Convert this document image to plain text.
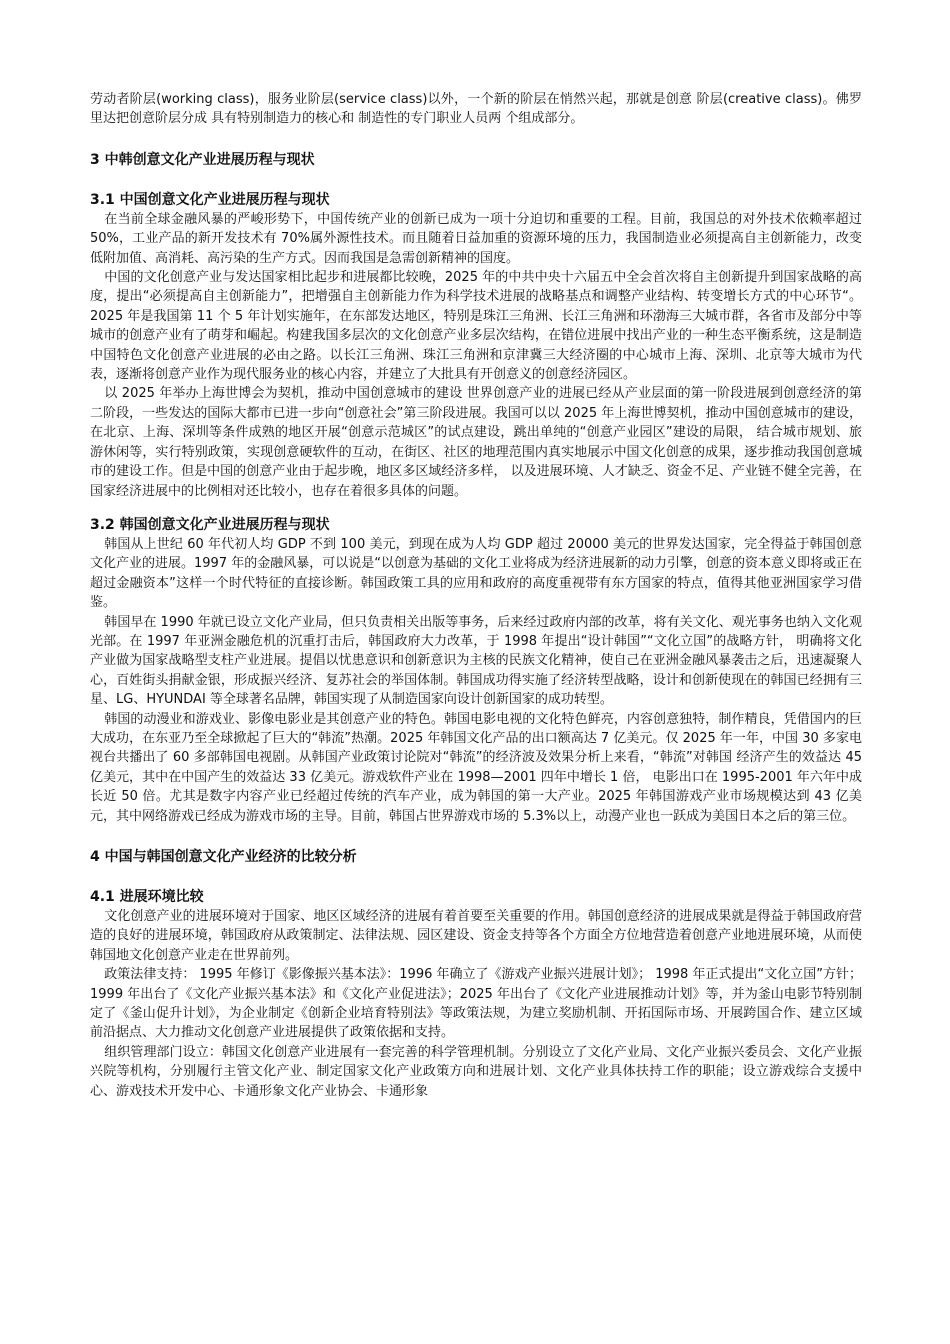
劳动者阶层(working class)，服务业阶层(service class)以外，一个新的阶层在悄然兴起，那就是创意 阶层(creative class)。佛罗里达把创意阶层分成 具有特别制造力的核心和 制造性的专门职业人员两 个组成部分。

3 中韩创意文化产业进展历程与现状
3.1 中国创意文化产业进展历程与现状

在当前全球金融风暴的严峻形势下，中国传统产业的创新已成为一项十分迫切和重要的工程。目前，我国总的对外技术依赖率超过 50%，工业产品的新开发技术有 70%属外源性技术。而且随着日益加重的资源环境的压力，我国制造业必须提高自主创新能力，改变低附加值、高消耗、高污染的生产方式。因而我国是急需创新精神的国度。

中国的文化创意产业与发达国家相比起步和进展都比较晚，2025 年的中共中央十六届五中全会首次将自主创新提升到国家战略的高度，提出“必须提高自主创新能力”，把增强自主创新能力作为科学技术进展的战略基点和调整产业结构、转变增长方式的中心环节“。2025 年是我国第 11 个 5 年计划实施年，在东部发达地区，特别是珠江三角洲、长江三角洲和环渤海三大城市群，各省市及部分中等城市的创意产业有了萌芽和崛起。构建我国多层次的文化创意产业多层次结构，在错位进展中找出产业的一种生态平衡系统，这是制造中国特色文化创意产业进展的必由之路。以长江三角洲、珠江三角洲和京津冀三大经济圈的中心城市上海、深圳、北京等大城市为代表，逐渐将创意产业作为现代服务业的核心内容，并建立了大批具有开创意义的创意经济园区。

以 2025 年举办上海世博会为契机，推动中国创意城市的建设 世界创意产业的进展已经从产业层面的第一阶段进展到创意经济的第二阶段，一些发达的国际大都市已进一步向“创意社会”第三阶段进展。我国可以以 2025 年上海世博契机，推动中国创意城市的建设，在北京、上海、深圳等条件成熟的地区开展“创意示范城区”的试点建设，跳出单纯的“创意产业园区”建设的局限， 结合城市规划、旅游休闲等，实行特别政策，实现创意硬软件的互动，在街区、社区的地理范围内真实地展示中国文化创意的成果，逐步推动我国创意城市的建设工作。但是中国的创意产业由于起步晚，地区多区域经济多样， 以及进展环境、人才缺乏、资金不足、产业链不健全完善，在国家经济进展中的比例相对还比较小，也存在着很多具体的问题。

3.2 韩国创意文化产业进展历程与现状

韩国从上世纪 60 年代初人均 GDP 不到 100 美元，到现在成为人均 GDP 超过 20000 美元的世界发达国家，完全得益于韩国创意文化产业的进展。1997 年的金融风暴，可以说是“以创意为基础的文化工业将成为经济进展新的动力引擎，创意的资本意义即将或正在超过金融资本”这样一个时代特征的直接诊断。韩国政策工具的应用和政府的高度重视带有东方国家的特点，值得其他亚洲国家学习借鉴。

韩国早在 1990 年就已设立文化产业局，但只负责相关出版等事务，后来经过政府内部的改革，将有关文化、观光事务也纳入文化观光部。在 1997 年亚洲金融危机的沉重打击后，韩国政府大力改革，于 1998 年提出“设计韩国”“文化立国”的战略方针， 明确将文化产业做为国家战略型支柱产业进展。提倡以忧患意识和创新意识为主核的民族文化精神，使自己在亚洲金融风暴袭击之后，迅速凝聚人心，百姓街头捐献金银，形成振兴经济、复苏社会的举国体制。韩国成功得实施了经济转型战略，设计和创新使现在的韩国已经拥有三星、LG、HYUNDAI 等全球著名品牌，韩国实现了从制造国家向设计创新国家的成功转型。

韩国的动漫业和游戏业、影像电影业是其创意产业的特色。韩国电影电视的文化特色鲜亮，内容创意独特，制作精良，凭借国内的巨大成功，在东亚乃至全球掀起了巨大的“韩流”热潮。2025 年韩国文化产品的出口额高达 7 亿美元。仅 2025 年一年，中国 30 多家电视台共播出了 60 多部韩国电视剧。从韩国产业政策讨论院对“韩流”的经济波及效果分析上来看，“韩流”对韩国 经济产生的效益达 45 亿美元，其中在中国产生的效益达 33 亿美元。游戏软件产业在 1998—2001 四年中增长 1 倍， 电影出口在 1995-2001 年六年中成长近 50 倍。尤其是数字内容产业已经超过传统的汽车产业，成为韩国的第一大产业。2025 年韩国游戏产业市场规模达到 43 亿美元，其中网络游戏已经成为游戏市场的主导。目前，韩国占世界游戏市场的 5.3%以上，动漫产业也一跃成为美国日本之后的第三位。

4 中国与韩国创意文化产业经济的比较分析
4.1 进展环境比较

文化创意产业的进展环境对于国家、地区区域经济的进展有着首要至关重要的作用。韩国创意经济的进展成果就是得益于韩国政府营造的良好的进展环境，韩国政府从政策制定、法律法规、园区建设、资金支持等各个方面全方位地营造着创意产业地进展环境，从而使韩国地文化创意产业走在世界前列。

政策法律支持： 1995 年修订《影像振兴基本法》：1996 年确立了《游戏产业振兴进展计划》； 1998 年正式提出“文化立国”方针；1999 年出台了《文化产业振兴基本法》和《文化产业促进法》；2025 年出台了《文化产业进展推动计划》等，并为釜山电影节特别制定了《釜山促升计划》，为企业制定《创新企业培育特别法》等政策法规，为建立奖励机制、开拓国际市场、开展跨国合作、建立区域前沿据点、大力推动文化创意产业进展提供了政策依据和支持。

组织管理部门设立：韩国文化创意产业进展有一套完善的科学管理机制。分别设立了文化产业局、文化产业振兴委员会、文化产业振兴院等机构，分别履行主管文化产业、制定国家文化产业政策方向和进展计划、文化产业具体扶持工作的职能；设立游戏综合支援中心、游戏技术开发中心、卡通形象文化产业协会、卡通形象
